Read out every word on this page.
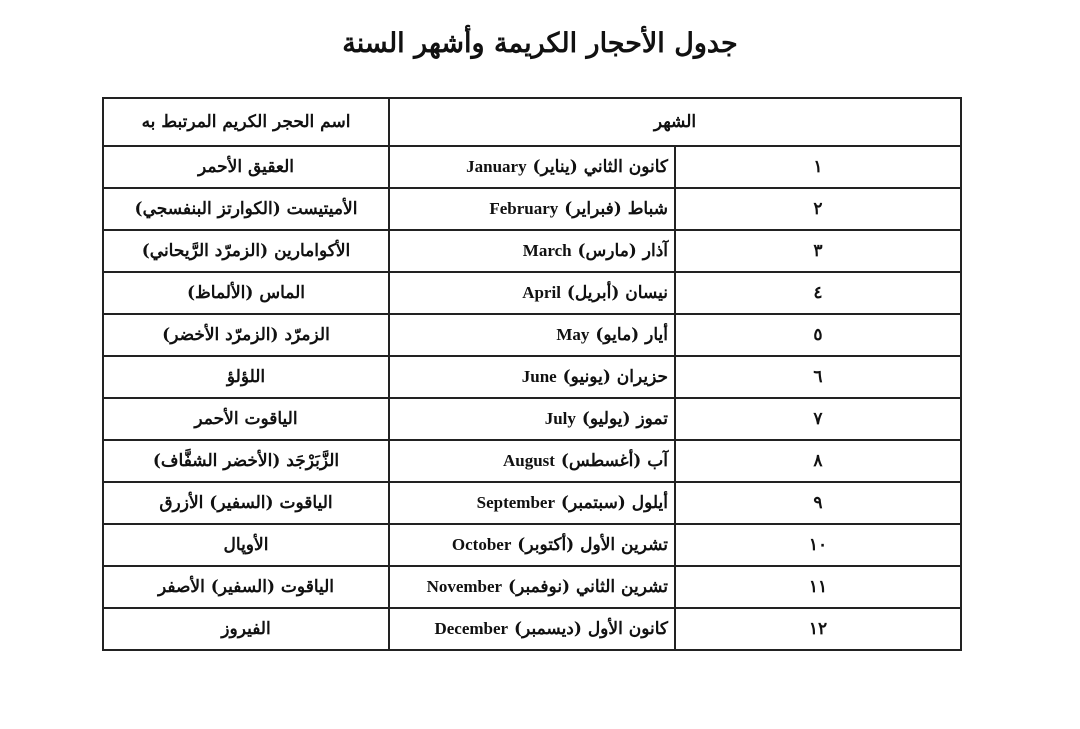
جدول الأحجار الكريمة وأشهر السنة
الشهر		اسم الحجر الكريم المرتبط به
١	كانون الثاني (يناير) January	العقيق الأحمر
٢	شباط (فبراير) February	الأميتيست (الكوارتز البنفسجي)
٣	آذار (مارس) March	الأكوامارين (الزمرّد الرَّيحاني)
٤	نيسان (أبريل) April	الماس (الألماظ)
٥	أيار (مايو) May	الزمرّد (الزمرّد الأخضر)
٦	حزيران (يونيو) June	اللؤلؤ
٧	تموز (يوليو) July	الياقوت الأحمر
٨	آب (أغسطس) August	الزَّبَرْجَد (الأخضر الشفَّاف)
٩	أيلول (سبتمبر) September	الياقوت (السفير) الأزرق
١٠	تشرين الأول (أكتوبر) October	الأوپال
١١	تشرين الثاني (نوفمبر) November	الياقوت (السفير) الأصفر
١٢	كانون الأول (ديسمبر) December	الفيروز
